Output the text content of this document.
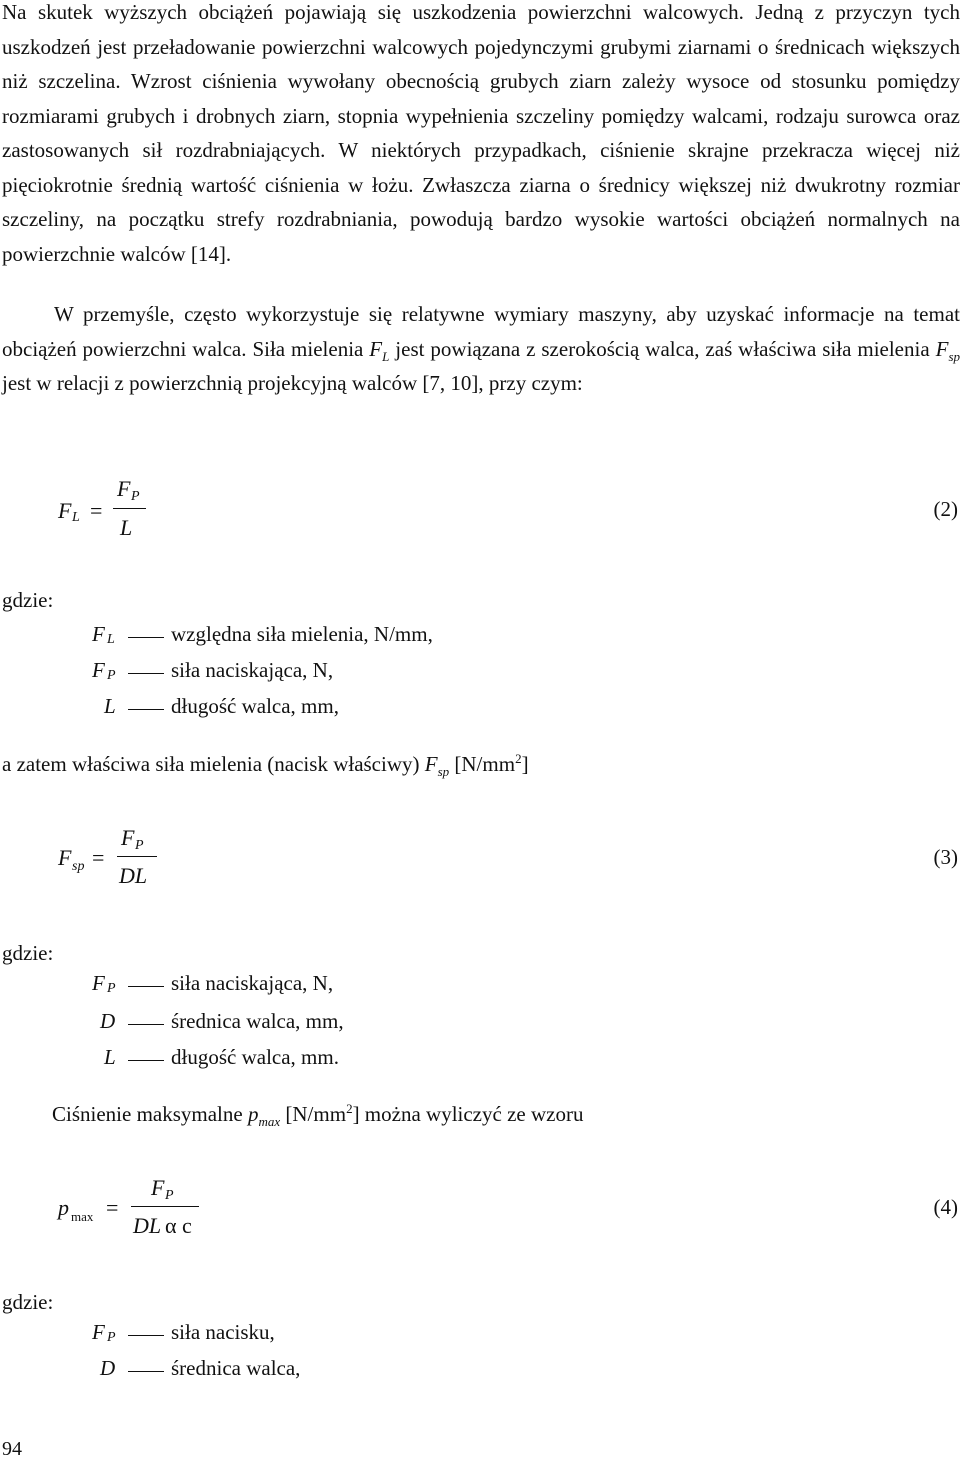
Na skutek wyższych obciążeń pojawiają się uszkodzenia powierzchni walcowych. Jedną z przyczyn tych uszkodzeń jest przeładowanie powierzchni walcowych pojedynczymi grubymi ziarnami o średnicach większych niż szczelina. Wzrost ciśnienia wywołany obecnością grubych ziarn zależy wysoce od stosunku pomiędzy rozmiarami grubych i drobnych ziarn, stopnia wypełnienia szczeliny pomiędzy walcami, rodzaju surowca oraz zastosowanych sił rozdrabniających. W niektórych przypadkach, ciśnienie skrajne przekracza więcej niż pięciokrotnie średnią wartość ciśnienia w łożu. Zwłaszcza ziarna o średnicy większej niż dwukrotny rozmiar szczeliny, na początku strefy rozdrabniania, powodują bardzo wysokie wartości obciążeń normalnych na powierzchnie walców [14].

W przemyśle, często wykorzystuje się relatywne wymiary maszyny, aby uzyskać informacje na temat obciążeń powierzchni walca. Siła mielenia $F_L$ jest powiązana z szerokością walca, zaś właściwa siła mielenia $F_{sp}$ jest w relacji z powierzchnią projekcyjną walców [7, 10], przy czym:

F L =
F P
L
(2)
gdzie:
F L	względna siła mielenia, N/mm,
F P	siła naciskająca, N,
L	długość walca, mm,

a zatem właściwa siła mielenia (nacisk właściwy) $F_{sp}$ $[N/mm^2]$

F sp =
F P
DL
(3)
gdzie:
F P	siła naciskająca, N,
D	średnica walca, mm,
L	długość walca, mm.

Ciśnienie maksymalne $p_{max}$ $[N/mm^2]$ można wyliczyć ze wzoru

p max =
F P
DL α c
(4)
gdzie:
F P	siła nacisku,
D	średnica walca,
94
